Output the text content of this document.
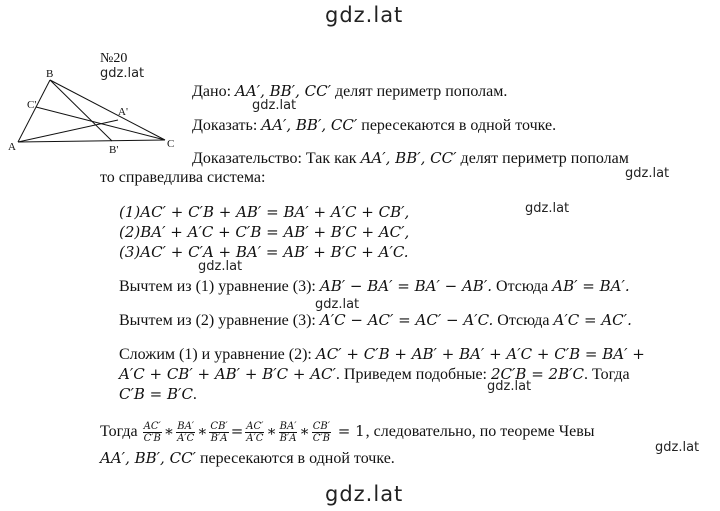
gdz.lat
gdz.lat
gdz.lat
gdz.lat
gdz.lat
gdz.lat
gdz.lat
gdz.lat
gdz.lat
gdz.lat
№20
B
C'
A'
A	B'	C
Дано: AA′, BB′, CC′ делят периметр пополам.
Доказать: AA′, BB′, CC′ пересекаются в одной точке.
Доказательство: Так как AA′, BB′, CC′ делят периметр пополам
то справедлива система:
(1)AC′ + C′B + AB′ = BA′ + A′C + CB′,
(2)BA′ + A′C + C′B = AB′ + B′C + AC′,
(3)AC′ + C′A + BA′ = AB′ + B′C + A′C.
Вычтем из (1) уравнение (3): AB′ − BA′ = BA′ − AB′. Отсюда AB′ = BA′.
Вычтем из (2) уравнение (3): A′C − AC′ = AC′ − A′C. Отсюда A′C = AC′.
Сложим (1) и уравнение (2): AC′ + C′B + AB′ + BA′ + A′C + C′B = BA′ +
A′C + CB′ + AB′ + B′C + AC′. Приведем подобные: 2C′B = 2B′C. Тогда
C′B = B′C.
Тогда $\frac{AC'}{C'B}$ ∗ $\frac{BA'}{A'C}$ ∗ $\frac{CB'}{B'A} = \frac{AC'}{A'C}$ ∗ $\frac{BA'}{B'A}$ ∗ $\frac{CB'}{C'B} = 1$, следовательно, по теореме Чевы
AA′, BB′, CC′ пересекаются в одной точке.
